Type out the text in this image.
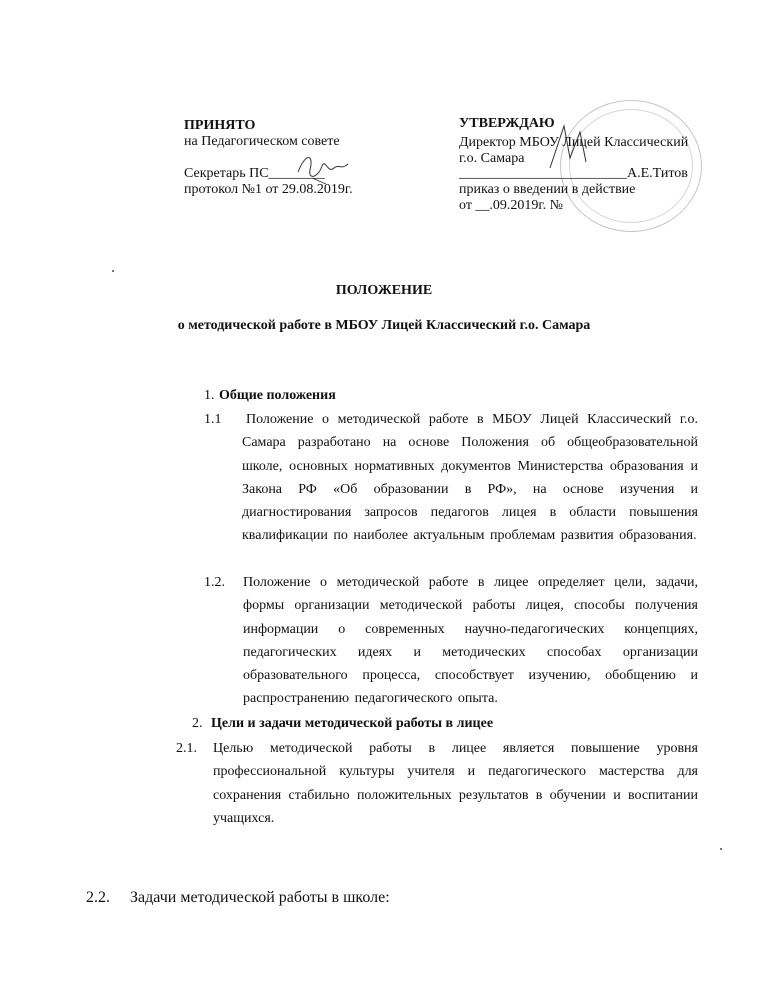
ПРИНЯТО
на Педагогическом совете
Секретарь ПС________
протокол №1 от 29.08.2019г.
УТВЕРЖДАЮ
Директор МБОУ Лицей Классический
г.о. Самара
________________________А.Е.Титов
приказ о введении в действие
от __.09.2019г. №
ПОЛОЖЕНИЕ
о методической работе в МБОУ Лицей Классический г.о. Самара
1. Общие положения
1.1 Положение о методической работе в МБОУ Лицей Классический г.о. Самара разработано на основе Положения об общеобразовательной школе, основных нормативных документов Министерства образования и Закона РФ «Об образовании в РФ», на основе изучения и диагностирования запросов педагогов лицея в области повышения квалификации по наиболее актуальным проблемам развития образования.
1.2. Положение о методической работе в лицее определяет цели, задачи, формы организации методической работы лицея, способы получения информации о современных научно-педагогических концепциях, педагогических идеях и методических способах организации образовательного процесса, способствует изучению, обобщению и распространению педагогического опыта.
2. Цели и задачи методической работы в лицее
2.1. Целью методической работы в лицее является повышение уровня профессиональной культуры учителя и педагогического мастерства для сохранения стабильно положительных результатов в обучении и воспитании учащихся.
2.2. Задачи методической работы в школе:
